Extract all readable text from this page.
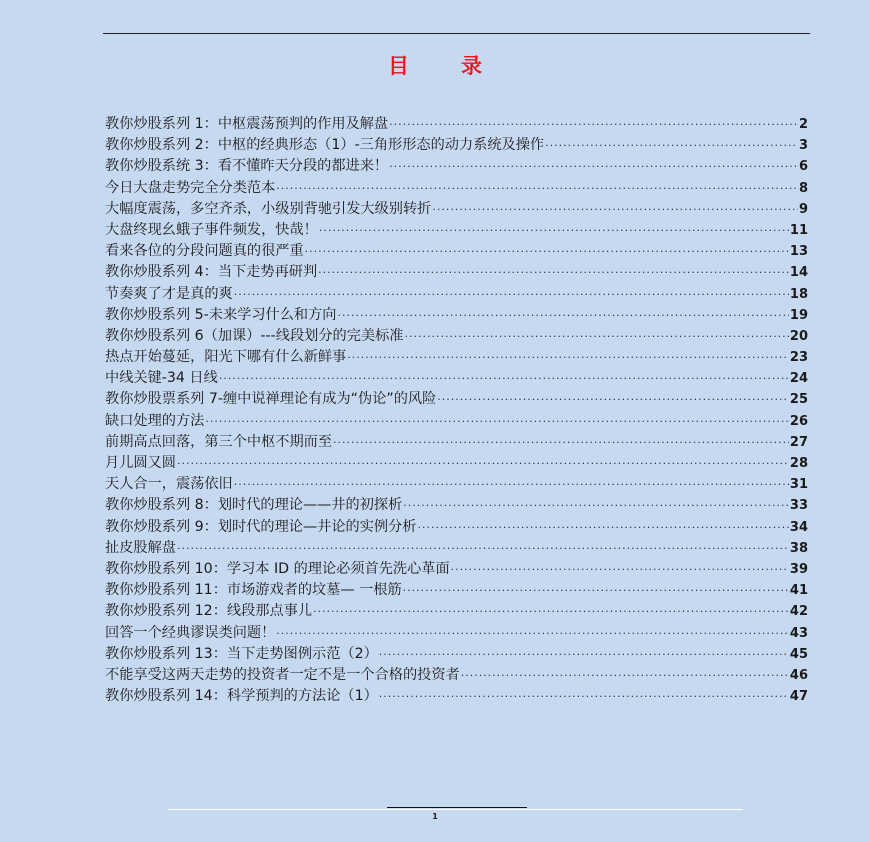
目录
教你炒股系列 1：中枢震荡预判的作用及解盘 ·····	2
教你炒股系列 2：中枢的经典形态（1）-三角形形态的动力系统及操作 ·····	3
教你炒股系统 3：看不懂昨天分段的都进来！ ·····	6
今日大盘走势完全分类范本 ·····	8
大幅度震荡，多空齐杀，小级别背驰引发大级别转折 ·····	9
大盘终现幺蛾子事件频发，快哉！ ·····	11
看来各位的分段问题真的很严重 ·····	13
教你炒股系列 4：当下走势再研判 ·····	14
节奏爽了才是真的爽 ·····	18
教你炒股系列 5-未来学习什么和方向 ·····	19
教你炒股系列 6（加课）---线段划分的完美标准 ·····	20
热点开始蔓延，阳光下哪有什么新鲜事 ·····	23
中线关键-34 日线 ·····	24
教你炒股票系列 7-缠中说禅理论有成为“伪论”的风险 ·····	25
缺口处理的方法 ·····	26
前期高点回落，第三个中枢不期而至 ·····	27
月儿圆又圆 ·····	28
天人合一，震荡依旧 ·····	31
教你炒股系列 8：划时代的理论——井的初探析 ·····	33
教你炒股系列 9：划时代的理论—井论的实例分析 ·····	34
扯皮股解盘 ·····	38
教你炒股系列 10：学习本 ID 的理论必须首先洗心革面 ·····	39
教你炒股系列 11：市场游戏者的坟墓— 一根筋 ·····	41
教你炒股系列 12：线段那点事儿 ·····	42
回答一个经典谬误类问题！ ·····	43
教你炒股系列 13：当下走势图例示范（2） ·····	45
不能享受这两天走势的投资者一定不是一个合格的投资者 ·····	46
教你炒股系列 14：科学预判的方法论（1） ·····	47
1
